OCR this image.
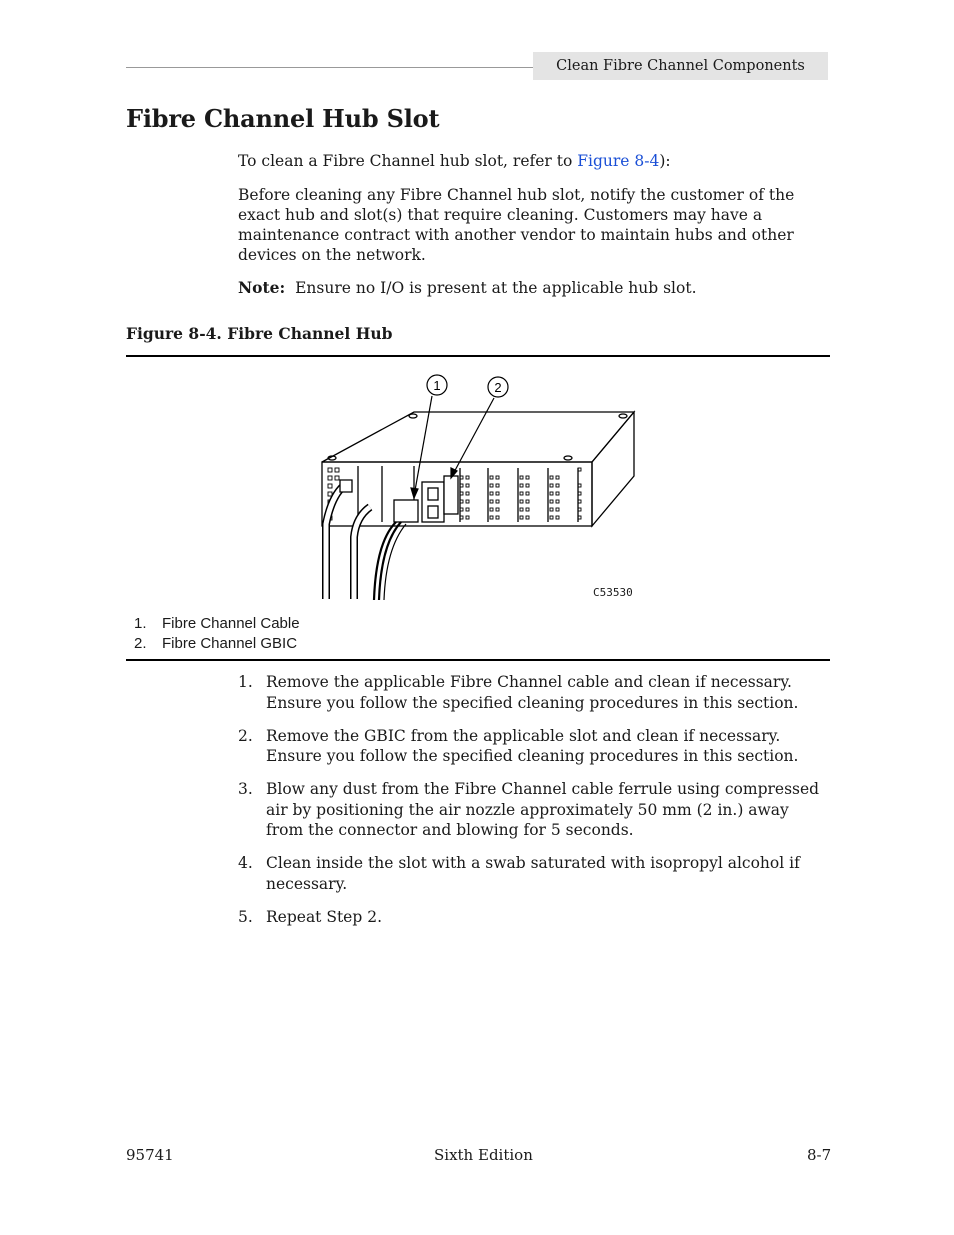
Clean Fibre Channel Components
Fibre Channel Hub Slot

To clean a Fibre Channel hub slot, refer to Figure 8-4):

Before cleaning any Fibre Channel hub slot, notify the customer of the exact hub and slot(s) that require cleaning. Customers may have a maintenance contract with another vendor to maintain hubs and other devices on the network.

Note: Ensure no I/O is present at the applicable hub slot.

Figure 8-4. Fibre Channel Hub

1	2
C53530
1.	Fibre Channel Cable
2.	Fibre Channel GBIC
1. Remove the applicable Fibre Channel cable and clean if necessary. Ensure you follow the specified cleaning procedures in this section.
2. Remove the GBIC from the applicable slot and clean if necessary. Ensure you follow the specified cleaning procedures in this section.
3. Blow any dust from the Fibre Channel cable ferrule using compressed air by positioning the air nozzle approximately 50 mm (2 in.) away from the connector and blowing for 5 seconds.
4. Clean inside the slot with a swab saturated with isopropyl alcohol if necessary.
5. Repeat Step 2.
95741	Sixth Edition	8-7
